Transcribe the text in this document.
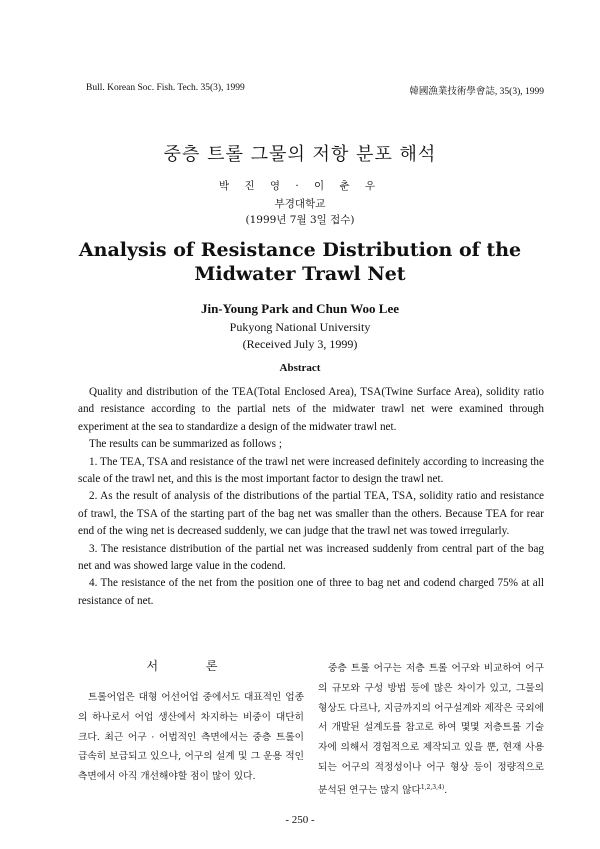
Bull. Korean Soc. Fish. Tech. 35(3), 1999	韓國漁業技術學會誌, 35(3), 1999
중층 트롤 그물의 저항 분포 해석
박 진 영 · 이 춘 우
부경대학교
(1999년 7월 3일 접수)
Analysis of Resistance Distribution of the
Midwater Trawl Net
Jin-Young Park and Chun Woo Lee
Pukyong National University
(Received July 3, 1999)
Abstract

Quality and distribution of the TEA(Total Enclosed Area), TSA(Twine Surface Area), solidity ratio and resistance according to the partial nets of the midwater trawl net were examined through experiment at the sea to standardize a design of the midwater trawl net.

The results can be summarized as follows ;

1. The TEA, TSA and resistance of the trawl net were increased definitely according to increasing the scale of the trawl net, and this is the most important factor to design the trawl net.

2. As the result of analysis of the distributions of the partial TEA, TSA, solidity ratio and resistance of trawl, the TSA of the starting part of the bag net was smaller than the others. Because TEA for rear end of the wing net is decreased suddenly, we can judge that the trawl net was towed irregularly.

3. The resistance distribution of the partial net was increased suddenly from central part of the bag net and was showed large value in the codend.

4. The resistance of the net from the position one of three to bag net and codend charged 75% at all resistance of net.

서 론

트롤어업은 대형 어선어업 중에서도 대표적인 업종의 하나로서 어업 생산에서 차지하는 비중이 대단히 크다. 최근 어구 · 어법적인 측면에서는 중층 트롤이 급속히 보급되고 있으나, 어구의 설계 및 그 운용 적인 측면에서 아직 개선해야할 점이 많이 있다.

중층 트롤 어구는 저층 트롤 어구와 비교하여 어구의 규모와 구성 방법 등에 많은 차이가 있고, 그물의 형상도 다르나, 지금까지의 어구설계와 제작은 국외에서 개발된 설계도를 참고로 하여 몇몇 저층트롤 기술자에 의해서 경험적으로 제작되고 있을 뿐, 현재 사용되는 어구의 적정성이나 어구 형상 등이 정량적으로 분석된 연구는 많지 않다$^{1,2,3,4)}$.

- 250 -
